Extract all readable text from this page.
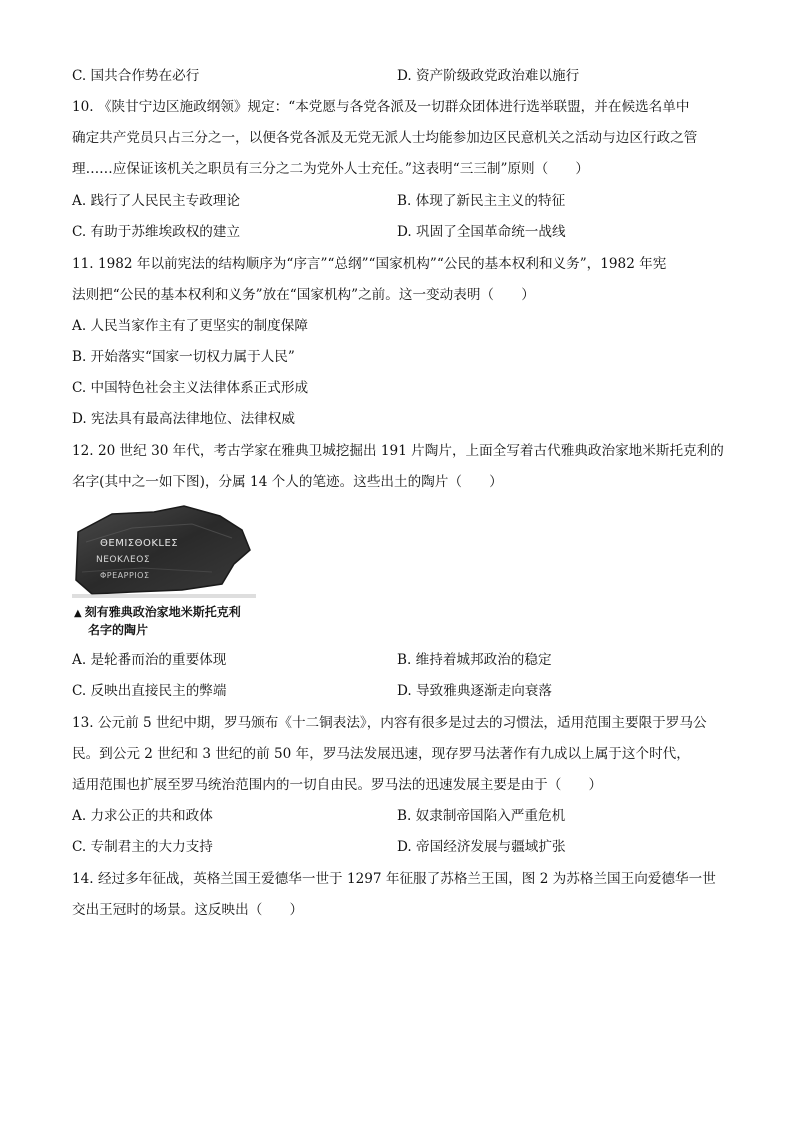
C. 国共合作势在必行	D. 资产阶级政党政治难以施行
10. 《陕甘宁边区施政纲领》规定：“本党愿与各党各派及一切群众团体进行选举联盟，并在候选名单中
确定共产党员只占三分之一，以便各党各派及无党无派人士均能参加边区民意机关之活动与边区行政之管
理……应保证该机关之职员有三分之二为党外人士充任。”这表明“三三制”原则（　　）
A. 践行了人民民主专政理论	B. 体现了新民主主义的特征
C. 有助于苏维埃政权的建立	D. 巩固了全国革命统一战线
11. 1982 年以前宪法的结构顺序为“序言”“总纲”“国家机构”“公民的基本权利和义务”，1982 年宪
法则把“公民的基本权利和义务”放在“国家机构”之前。这一变动表明（　　）
A. 人民当家作主有了更坚实的制度保障
B. 开始落实“国家一切权力属于人民”
C. 中国特色社会主义法律体系正式形成
D. 宪法具有最高法律地位、法律权威
12. 20 世纪 30 年代，考古学家在雅典卫城挖掘出 191 片陶片，上面全写着古代雅典政治家地米斯托克利的
名字(其中之一如下图)，分属 14 个人的笔迹。这些出土的陶片（　　）
ΘEMIΣΘOKLEΣ
NEOKΛEOΣ
ΦPEAPPIOΣ
▲ 刻有雅典政治家地米斯托克利
名字的陶片
A. 是轮番而治的重要体现	B. 维持着城邦政治的稳定
C. 反映出直接民主的弊端	D. 导致雅典逐渐走向衰落
13. 公元前 5 世纪中期，罗马颁布《十二铜表法》，内容有很多是过去的习惯法，适用范围主要限于罗马公
民。到公元 2 世纪和 3 世纪的前 50 年，罗马法发展迅速，现存罗马法著作有九成以上属于这个时代，
适用范围也扩展至罗马统治范围内的一切自由民。罗马法的迅速发展主要是由于（　　）
A. 力求公正的共和政体	B. 奴隶制帝国陷入严重危机
C. 专制君主的大力支持	D. 帝国经济发展与疆域扩张
14. 经过多年征战，英格兰国王爱德华一世于 1297 年征服了苏格兰王国，图 2 为苏格兰国王向爱德华一世
交出王冠时的场景。这反映出（　　）
